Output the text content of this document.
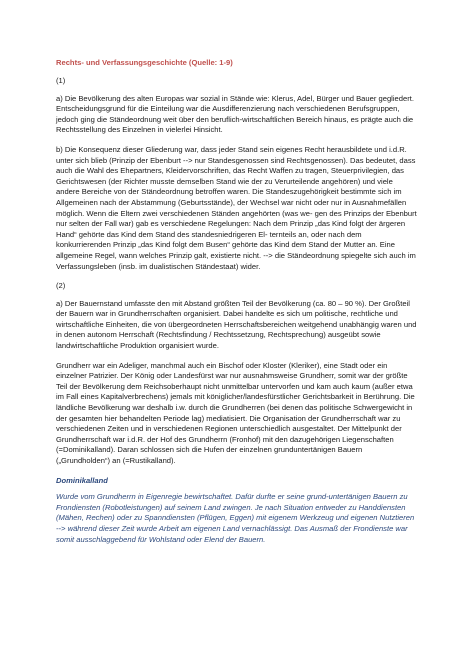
Rechts- und Verfassungsgeschichte (Quelle: 1-9)

(1)

a) Die Bevölkerung des alten Europas war sozial in Stände wie: Klerus, Adel, Bürger und Bauer gegliedert. Entscheidungsgrund für die Einteilung war die Ausdifferenzierung nach verschiedenen Berufsgruppen, jedoch ging die Ständeordnung weit über den beruflich-wirtschaftlichen Bereich hinaus, es prägte auch die Rechtsstellung des Einzelnen in vielerlei Hinsicht.

b) Die Konsequenz dieser Gliederung war, dass jeder Stand sein eigenes Recht herausbildete und i.d.R. unter sich blieb (Prinzip der Ebenburt --> nur Standesgenossen sind Rechtsgenossen). Das bedeutet, dass auch die Wahl des Ehepartners, Kleidervorschriften, das Recht Waffen zu tragen, Steuerprivilegien, das Gerichtswesen (der Richter musste demselben Stand wie der zu Verurteilende angehören) und viele andere Bereiche von der Ständeordnung betroffen waren. Die Standeszugehörigkeit bestimmte sich im Allgemeinen nach der Abstammung (Geburtsstände), der Wechsel war nicht oder nur in Ausnahmefällen möglich. Wenn die Eltern zwei verschiedenen Ständen angehörten (was we- gen des Prinzips der Ebenburt nur selten der Fall war) gab es verschiedene Regelungen: Nach dem Prinzip „das Kind folgt der ärgeren Hand“ gehörte das Kind dem Stand des standesniedrigeren El- ternteils an, oder nach dem konkurrierenden Prinzip „das Kind folgt dem Busen“ gehörte das Kind dem Stand der Mutter an. Eine allgemeine Regel, wann welches Prinzip galt, existierte nicht. --> die Ständeordnung spiegelte sich auch im Verfassungsleben (insb. im dualistischen Ständestaat) wider.

(2)

a) Der Bauernstand umfasste den mit Abstand größten Teil der Bevölkerung (ca. 80 – 90 %). Der Großteil der Bauern war in Grundherrschaften organisiert. Dabei handelte es sich um politische, rechtliche und wirtschaftliche Einheiten, die von übergeordneten Herrschaftsbereichen weitgehend unabhängig waren und in denen autonom Herrschaft (Rechtsfindung / Rechtssetzung, Rechtsprechung) ausgeübt sowie landwirtschaftliche Produktion organisiert wurde.

Grundherr war ein Adeliger, manchmal auch ein Bischof oder Kloster (Kleriker), eine Stadt oder ein einzelner Patrizier. Der König oder Landesfürst war nur ausnahmsweise Grundherr, somit war der größte Teil der Bevölkerung dem Reichsoberhaupt nicht unmittelbar untervorfen und kam auch kaum (außer etwa im Fall eines Kapitalverbrechens) jemals mit königlicher/landesfürstlicher Gerichtsbarkeit in Berührung. Die ländliche Bevölkerung war deshalb i.w. durch die Grundherren (bei denen das politische Schwergewicht in der gesamten hier behandelten Periode lag) mediatisiert. Die Organisation der Grundherrschaft war zu verschiedenen Zeiten und in verschiedenen Regionen unterschiedlich ausgestaltet. Der Mittelpunkt der Grundherrschaft war i.d.R. der Hof des Grundherrn (Fronhof) mit den dazugehörigen Liegenschaften (=Dominikalland). Daran schlossen sich die Hufen der einzelnen grunduntertänigen Bauern („Grundholden“) an (=Rustikalland).

Dominikalland

Wurde vom Grundherrn in Eigenregie bewirtschaftet. Dafür durfte er seine grund-untertänigen Bauern zu Frondiensten (Robotleistungen) auf seinem Land zwingen. Je nach Situation entweder zu Handdiensten (Mähen, Rechen) oder zu Spanndiensten (Pflügen, Eggen) mit eigenem Werkzeug und eigenen Nutztieren --> während dieser Zeit wurde Arbeit am eigenen Land vernachlässigt. Das Ausmaß der Frondienste war somit ausschlaggebend für Wohlstand oder Elend der Bauern.
